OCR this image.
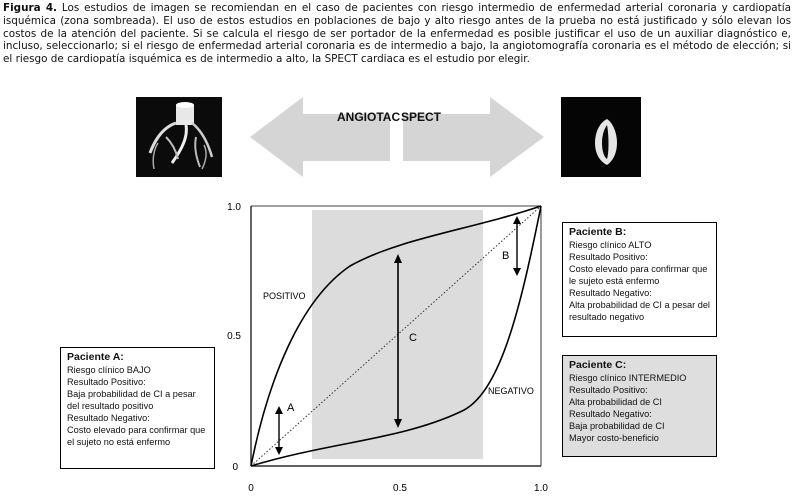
Figura 4. Los estudios de imagen se recomiendan en el caso de pacientes con riesgo intermedio de enfermedad arterial coronaria y cardiopatía isquémica (zona sombreada). El uso de estos estudios en poblaciones de bajo y alto riesgo antes de la prueba no está justificado y sólo elevan los costos de la atención del paciente. Si se calcula el riesgo de ser portador de la enfermedad es posible justificar el uso de un auxiliar diagnóstico e, incluso, seleccionarlo; si el riesgo de enfermedad arterial coronaria es de intermedio a bajo, la angiotomografía coronaria es el método de elección; si el riesgo de cardiopatía isquémica es de intermedio a alto, la SPECT cardiaca es el estudio por elegir.

ANGIOTAC SPECT
0	0.5	1.0
0
0.5
1.0
POSITIVO
NEGATIVO
A
B
C
Paciente A:
Riesgo clínico BAJO
Resultado Positivo:
Baja probabilidad de CI a pesar del resultado positivo
Resultado Negativo:
Costo elevado para confirmar que el sujeto no está enfermo
Paciente B:
Riesgo clínico ALTO
Resultado Positivo:
Costo elevado para confirmar que le sujeto está enfermo
Resultado Negativo:
Alta probabilidad de CI a pesar del resultado negativo
Paciente C:
Riesgo clínico INTERMEDIO
Resultado Positivo:
Alta probabilidad de CI
Resultado Negativo:
Baja probabilidad de CI
Mayor costo-beneficio
